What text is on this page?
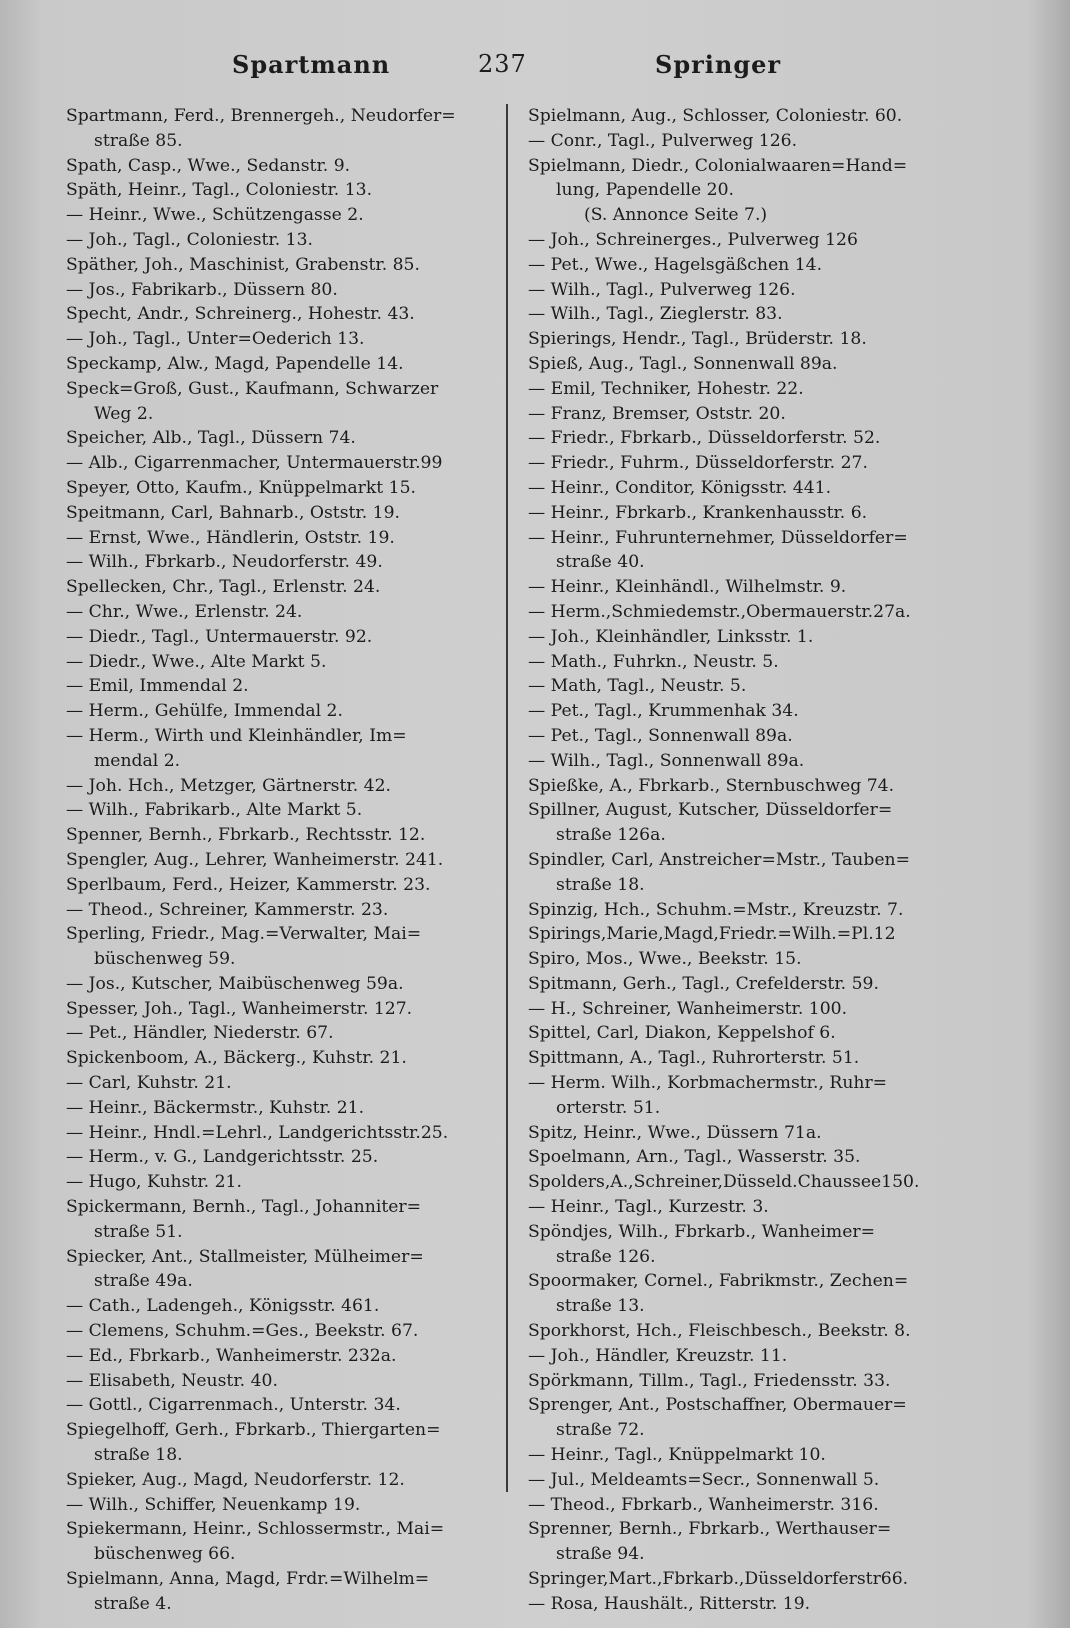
Spartmann	237	Springer
Spartmann, Ferd., Brennergeh., Neudorfer=
straße 85.
Spath, Casp., Wwe., Sedanstr. 9.
Späth, Heinr., Tagl., Coloniestr. 13.
— Heinr., Wwe., Schützengasse 2.
— Joh., Tagl., Coloniestr. 13.
Späther, Joh., Maschinist, Grabenstr. 85.
— Jos., Fabrikarb., Düssern 80.
Specht, Andr., Schreinerg., Hohestr. 43.
— Joh., Tagl., Unter=Oederich 13.
Speckamp, Alw., Magd, Papendelle 14.
Speck=Groß, Gust., Kaufmann, Schwarzer
Weg 2.
Speicher, Alb., Tagl., Düssern 74.
— Alb., Cigarrenmacher, Untermauerstr.99
Speyer, Otto, Kaufm., Knüppelmarkt 15.
Speitmann, Carl, Bahnarb., Oststr. 19.
— Ernst, Wwe., Händlerin, Oststr. 19.
— Wilh., Fbrkarb., Neudorferstr. 49.
Spellecken, Chr., Tagl., Erlenstr. 24.
— Chr., Wwe., Erlenstr. 24.
— Diedr., Tagl., Untermauerstr. 92.
— Diedr., Wwe., Alte Markt 5.
— Emil, Immendal 2.
— Herm., Gehülfe, Immendal 2.
— Herm., Wirth und Kleinhändler, Im=
mendal 2.
— Joh. Hch., Metzger, Gärtnerstr. 42.
— Wilh., Fabrikarb., Alte Markt 5.
Spenner, Bernh., Fbrkarb., Rechtsstr. 12.
Spengler, Aug., Lehrer, Wanheimerstr. 241.
Sperlbaum, Ferd., Heizer, Kammerstr. 23.
— Theod., Schreiner, Kammerstr. 23.
Sperling, Friedr., Mag.=Verwalter, Mai=
büschenweg 59.
— Jos., Kutscher, Maibüschenweg 59a.
Spesser, Joh., Tagl., Wanheimerstr. 127.
— Pet., Händler, Niederstr. 67.
Spickenboom, A., Bäckerg., Kuhstr. 21.
— Carl, Kuhstr. 21.
— Heinr., Bäckermstr., Kuhstr. 21.
— Heinr., Hndl.=Lehrl., Landgerichtsstr.25.
— Herm., v. G., Landgerichtsstr. 25.
— Hugo, Kuhstr. 21.
Spickermann, Bernh., Tagl., Johanniter=
straße 51.
Spiecker, Ant., Stallmeister, Mülheimer=
straße 49a.
— Cath., Ladengeh., Königsstr. 461.
— Clemens, Schuhm.=Ges., Beekstr. 67.
— Ed., Fbrkarb., Wanheimerstr. 232a.
— Elisabeth, Neustr. 40.
— Gottl., Cigarrenmach., Unterstr. 34.
Spiegelhoff, Gerh., Fbrkarb., Thiergarten=
straße 18.
Spieker, Aug., Magd, Neudorferstr. 12.
— Wilh., Schiffer, Neuenkamp 19.
Spiekermann, Heinr., Schlossermstr., Mai=
büschenweg 66.
Spielmann, Anna, Magd, Frdr.=Wilhelm=
straße 4.
Spielmann, Aug., Schlosser, Coloniestr. 60.
— Conr., Tagl., Pulverweg 126.
Spielmann, Diedr., Colonialwaaren=Hand=
lung, Papendelle 20.
(S. Annonce Seite 7.)
— Joh., Schreinerges., Pulverweg 126
— Pet., Wwe., Hagelsgäßchen 14.
— Wilh., Tagl., Pulverweg 126.
— Wilh., Tagl., Zieglerstr. 83.
Spierings, Hendr., Tagl., Brüderstr. 18.
Spieß, Aug., Tagl., Sonnenwall 89a.
— Emil, Techniker, Hohestr. 22.
— Franz, Bremser, Oststr. 20.
— Friedr., Fbrkarb., Düsseldorferstr. 52.
— Friedr., Fuhrm., Düsseldorferstr. 27.
— Heinr., Conditor, Königsstr. 441.
— Heinr., Fbrkarb., Krankenhausstr. 6.
— Heinr., Fuhrunternehmer, Düsseldorfer=
straße 40.
— Heinr., Kleinhändl., Wilhelmstr. 9.
— Herm.,Schmiedemstr.,Obermauerstr.27a.
— Joh., Kleinhändler, Linksstr. 1.
— Math., Fuhrkn., Neustr. 5.
— Math, Tagl., Neustr. 5.
— Pet., Tagl., Krummenhak 34.
— Pet., Tagl., Sonnenwall 89a.
— Wilh., Tagl., Sonnenwall 89a.
Spießke, A., Fbrkarb., Sternbuschweg 74.
Spillner, August, Kutscher, Düsseldorfer=
straße 126a.
Spindler, Carl, Anstreicher=Mstr., Tauben=
straße 18.
Spinzig, Hch., Schuhm.=Mstr., Kreuzstr. 7.
Spirings,Marie,Magd,Friedr.=Wilh.=Pl.12
Spiro, Mos., Wwe., Beekstr. 15.
Spitmann, Gerh., Tagl., Crefelderstr. 59.
— H., Schreiner, Wanheimerstr. 100.
Spittel, Carl, Diakon, Keppelshof 6.
Spittmann, A., Tagl., Ruhrorterstr. 51.
— Herm. Wilh., Korbmachermstr., Ruhr=
orterstr. 51.
Spitz, Heinr., Wwe., Düssern 71a.
Spoelmann, Arn., Tagl., Wasserstr. 35.
Spolders,A.,Schreiner,Düsseld.Chaussee150.
— Heinr., Tagl., Kurzestr. 3.
Spöndjes, Wilh., Fbrkarb., Wanheimer=
straße 126.
Spoormaker, Cornel., Fabrikmstr., Zechen=
straße 13.
Sporkhorst, Hch., Fleischbesch., Beekstr. 8.
— Joh., Händler, Kreuzstr. 11.
Spörkmann, Tillm., Tagl., Friedensstr. 33.
Sprenger, Ant., Postschaffner, Obermauer=
straße 72.
— Heinr., Tagl., Knüppelmarkt 10.
— Jul., Meldeamts=Secr., Sonnenwall 5.
— Theod., Fbrkarb., Wanheimerstr. 316.
Sprenner, Bernh., Fbrkarb., Werthauser=
straße 94.
Springer,Mart.,Fbrkarb.,Düsseldorferstr66.
— Rosa, Haushält., Ritterstr. 19.
